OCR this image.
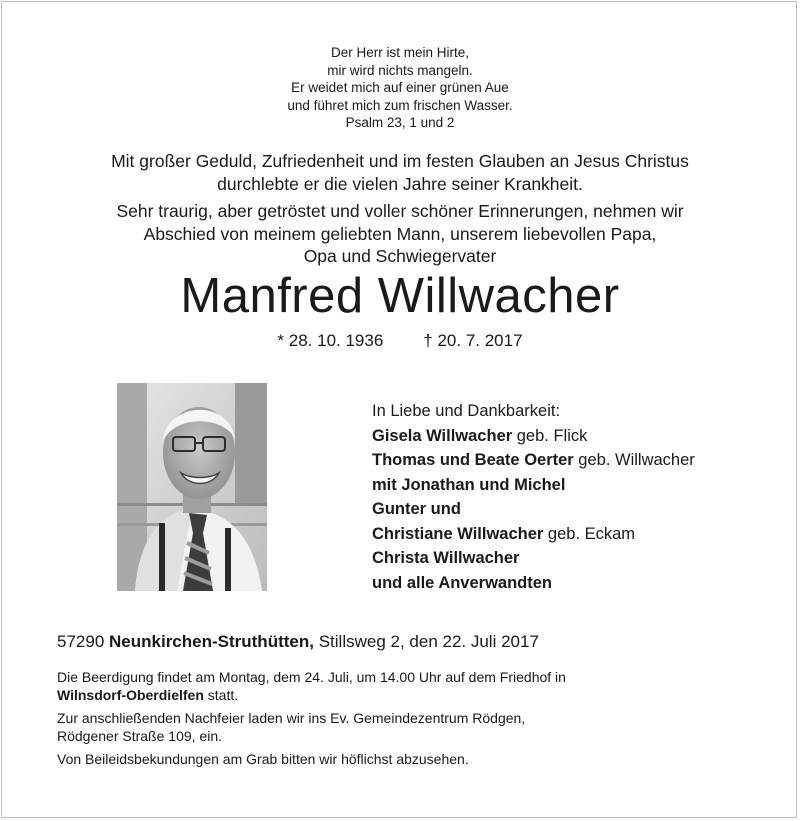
Der Herr ist mein Hirte,
mir wird nichts mangeln.
Er weidet mich auf einer grünen Aue
und führet mich zum frischen Wasser.
Psalm 23, 1 und 2

Mit großer Geduld, Zufriedenheit und im festen Glauben an Jesus Christus
durchlebte er die vielen Jahre seiner Krankheit.

Sehr traurig, aber getröstet und voller schöner Erinnerungen, nehmen wir
Abschied von meinem geliebten Mann, unserem liebevollen Papa,
Opa und Schwiegervater

Manfred Willwacher
* 28. 10. 1936 † 20. 7. 2017
In Liebe und Dankbarkeit:
Gisela Willwacher geb. Flick
Thomas und Beate Oerter geb. Willwacher
mit Jonathan und Michel
Gunter und
Christiane Willwacher geb. Eckam
Christa Willwacher
und alle Anverwandten
57290 Neunkirchen-Struthütten, Stillsweg 2, den 22. Juli 2017

Die Beerdigung findet am Montag, dem 24. Juli, um 14.00 Uhr auf dem Friedhof in
Wilnsdorf-Oberdielfen statt.

Zur anschließenden Nachfeier laden wir ins Ev. Gemeindezentrum Rödgen,
Rödgener Straße 109, ein.

Von Beileidsbekundungen am Grab bitten wir höflichst abzusehen.
